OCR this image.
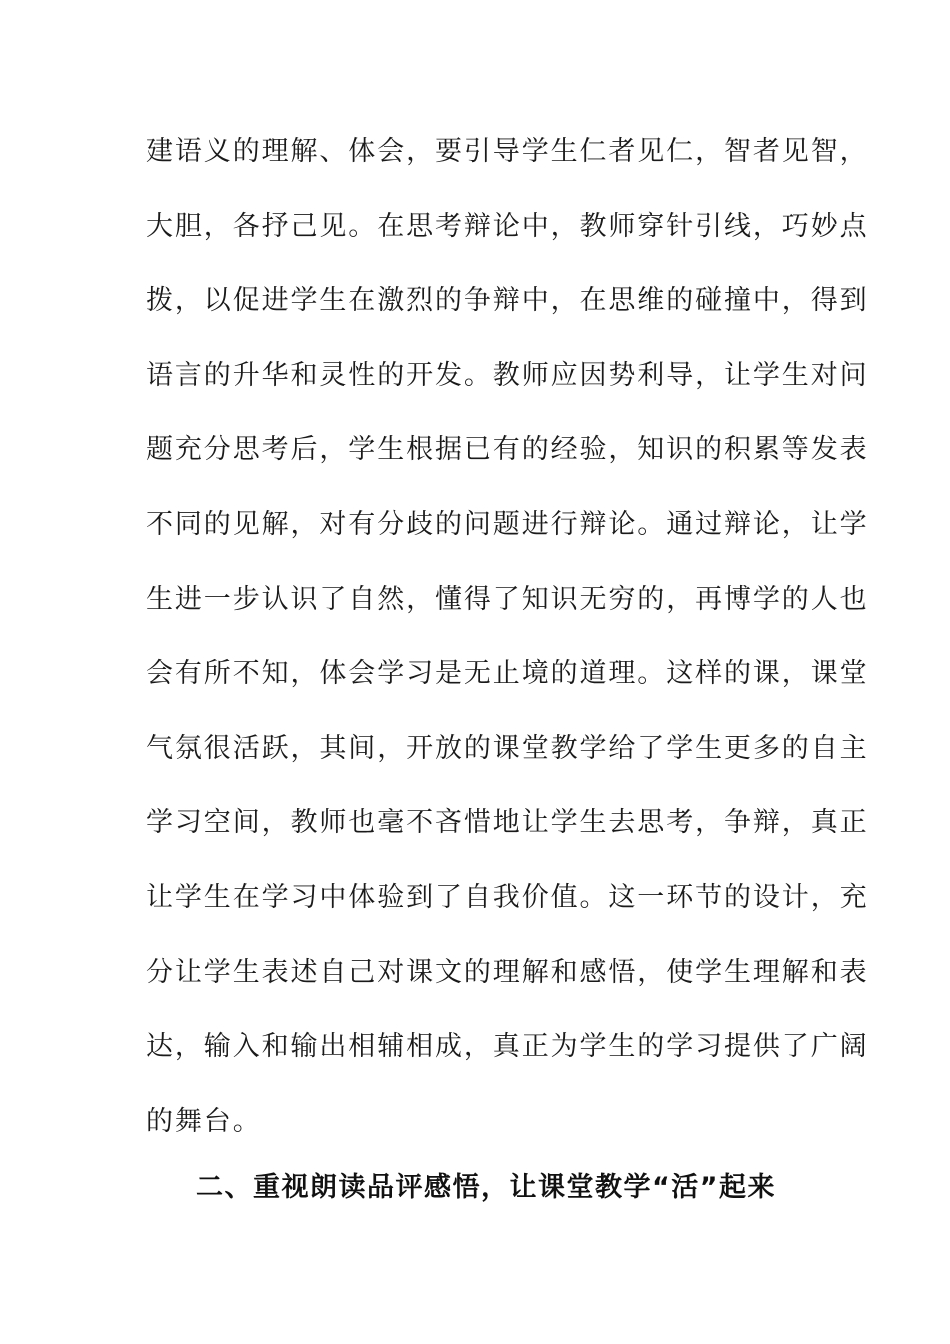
建语义的理解、体会，要引导学生仁者见仁，智者见智，
大胆，各抒己见。在思考辩论中，教师穿针引线，巧妙点
拨，以促进学生在激烈的争辩中，在思维的碰撞中，得到
语言的升华和灵性的开发。教师应因势利导，让学生对问
题充分思考后，学生根据已有的经验，知识的积累等发表
不同的见解，对有分歧的问题进行辩论。通过辩论，让学
生进一步认识了自然，懂得了知识无穷的，再博学的人也
会有所不知，体会学习是无止境的道理。这样的课，课堂
气氛很活跃，其间，开放的课堂教学给了学生更多的自主
学习空间，教师也毫不吝惜地让学生去思考，争辩，真正
让学生在学习中体验到了自我价值。这一环节的设计，充
分让学生表述自己对课文的理解和感悟，使学生理解和表
达，输入和输出相辅相成，真正为学生的学习提供了广阔
的舞台。
二、重视朗读品评感悟，让课堂教学“活”起来
